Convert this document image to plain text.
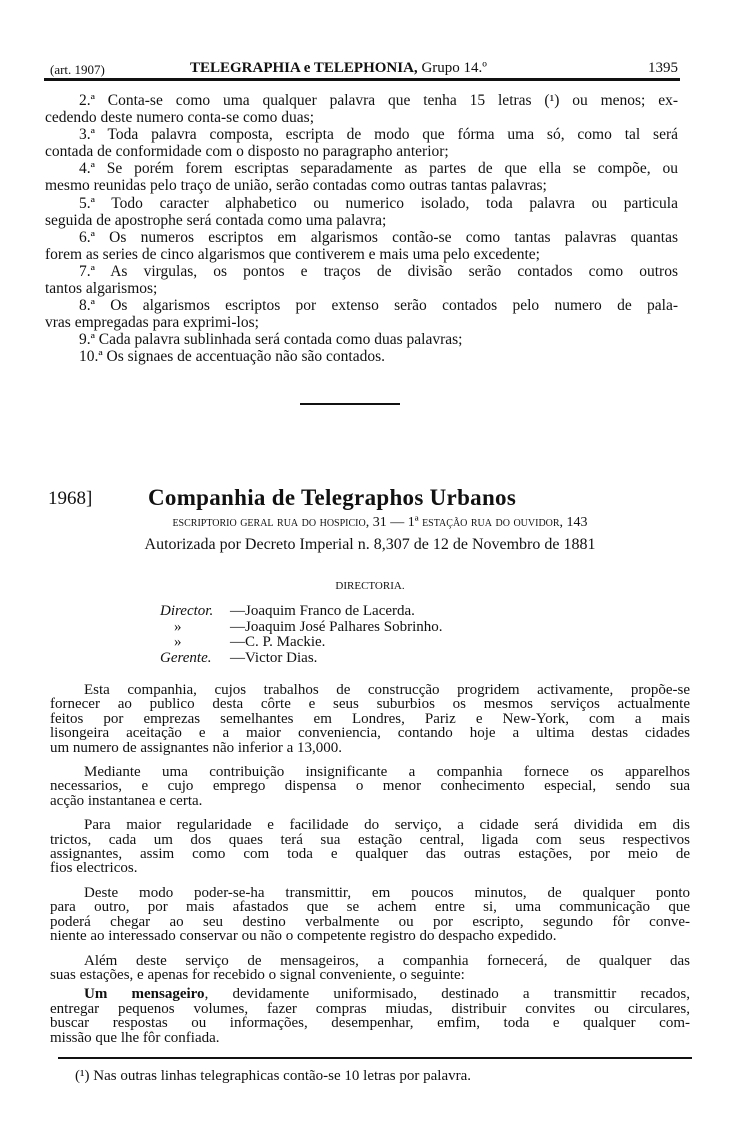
(art. 1907)	TELEGRAPHIA e TELEPHONIA, Grupo 14.º	1395
2.ª Conta-se como uma qualquer palavra que tenha 15 letras (¹) ou menos; ex-
cedendo deste numero conta-se como duas;
3.ª Toda palavra composta, escripta de modo que fórma uma só, como tal será
contada de conformidade com o disposto no paragrapho anterior;
4.ª Se porém forem escriptas separadamente as partes de que ella se compõe, ou
mesmo reunidas pelo traço de união, serão contadas como outras tantas palavras;
5.ª Todo caracter alphabetico ou numerico isolado, toda palavra ou particula
seguida de apostrophe será contada como uma palavra;
6.ª Os numeros escriptos em algarismos contão-se como tantas palavras quantas
forem as series de cinco algarismos que contiverem e mais uma pelo excedente;
7.ª As virgulas, os pontos e traços de divisão serão contados como outros
tantos algarismos;
8.ª Os algarismos escriptos por extenso serão contados pelo numero de pala-
vras empregadas para exprimi-los;
9.ª Cada palavra sublinhada será contada como duas palavras;
10.ª Os signaes de accentuação não são contados.
1968] Companhia de Telegraphos Urbanos
escriptorio geral rua do hospicio, 31 — 1ª estação rua do ouvidor, 143
Autorizada por Decreto Imperial n. 8,307 de 12 de Novembro de 1881
DIRECTORIA.
Director. —Joaquim Franco de Lacerda.
»	—Joaquim José Palhares Sobrinho.
»	—C. P. Mackie.
Gerente. —Victor Dias.
Esta companhia, cujos trabalhos de construcção progridem activamente, propõe-se
fornecer ao publico desta côrte e seus suburbios os mesmos serviços actualmente
feitos por emprezas semelhantes em Londres, Pariz e New-York, com a mais
lisongeira aceitação e a maior conveniencia, contando hoje a ultima destas cidades
um numero de assignantes não inferior a 13,000.
Mediante uma contribuição insignificante a companhia fornece os apparelhos
necessarios, e cujo emprego dispensa o menor conhecimento especial, sendo sua
acção instantanea e certa.
Para maior regularidade e facilidade do serviço, a cidade será dividida em dis
trictos, cada um dos quaes terá sua estação central, ligada com seus respectivos
assignantes, assim como com toda e qualquer das outras estações, por meio de
fios electricos.
Deste modo poder-se-ha transmittir, em poucos minutos, de qualquer ponto
para outro, por mais afastados que se achem entre si, uma communicação que
poderá chegar ao seu destino verbalmente ou por escripto, segundo fôr conve-
niente ao interessado conservar ou não o competente registro do despacho expedido.
Além deste serviço de mensageiros, a companhia fornecerá, de qualquer das
suas estações, e apenas for recebido o signal conveniente, o seguinte:
Um mensageiro, devidamente uniformisado, destinado a transmittir recados,
entregar pequenos volumes, fazer compras miudas, distribuir convites ou circulares,
buscar respostas ou informações, desempenhar, emfim, toda e qualquer com-
missão que lhe fôr confiada.
(¹) Nas outras linhas telegraphicas contão-se 10 letras por palavra.
